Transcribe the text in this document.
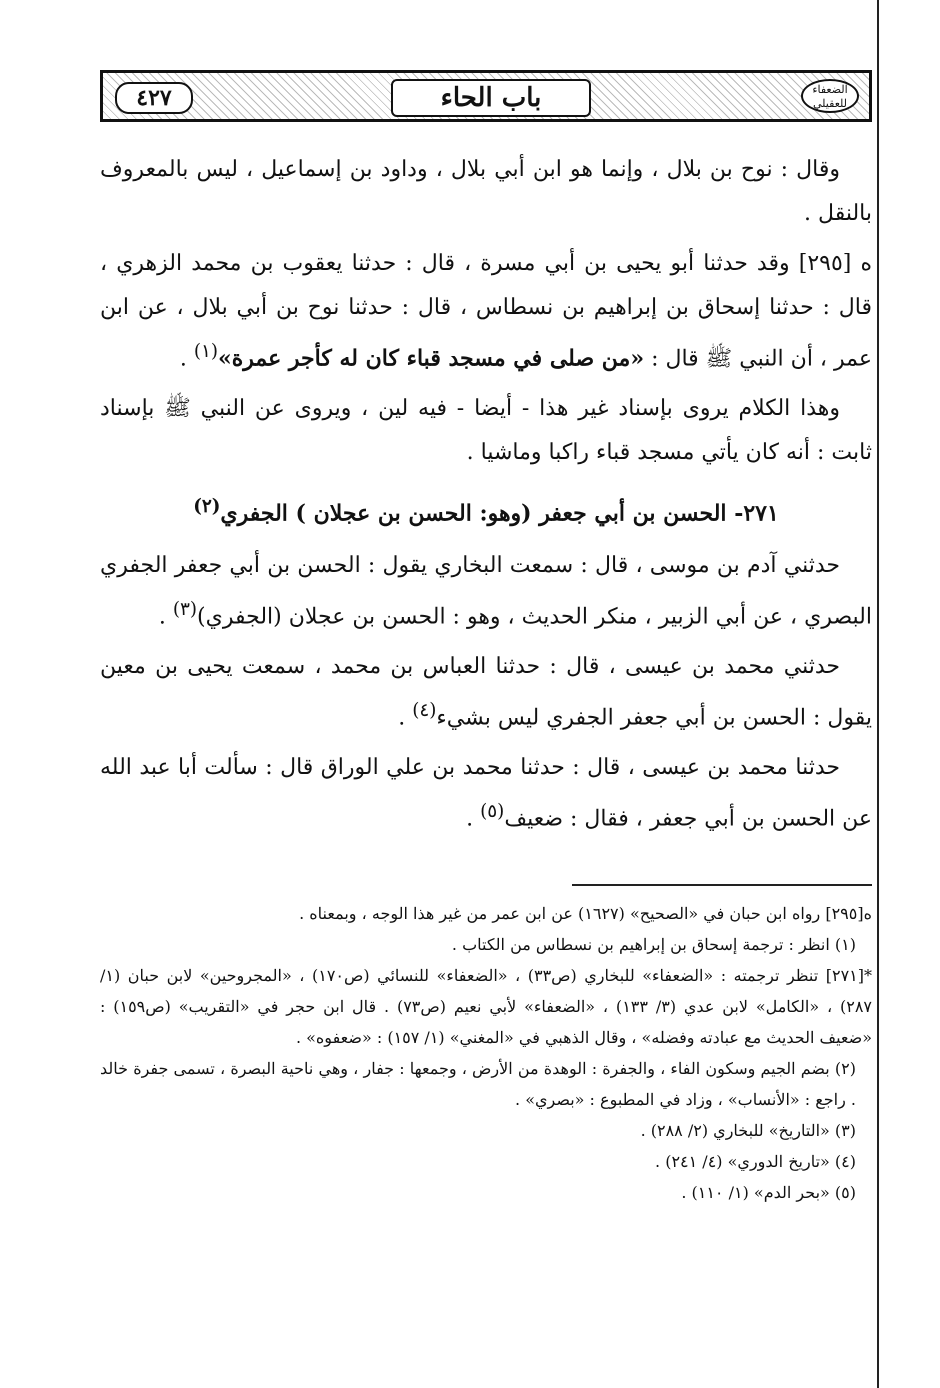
٤٢٧	باب الحاء	الضعفاء للعقيلي

وقال : نوح بن بلال ، وإنما هو ابن أبي بلال ، وداود بن إسماعيل ، ليس بالمعروف بالنقل .

ه [٢٩٥] وقد حدثنا أبو يحيى بن أبي مسرة ، قال : حدثنا يعقوب بن محمد الزهري ، قال : حدثنا إسحاق بن إبراهيم بن نسطاس ، قال : حدثنا نوح بن أبي بلال ، عن ابن عمر ، أن النبي ﷺ قال : «من صلى في مسجد قباء كان له كأجر عمرة»$^{(١)}$ .

وهذا الكلام يروى بإسناد غير هذا - أيضا - فيه لين ، ويروى عن النبي ﷺ بإسناد ثابت : أنه كان يأتي مسجد قباء راكبا وماشيا .

٢٧١- الحسن بن أبي جعفر (وهو: الحسن بن عجلان ) الجفري$^{(٢)}$

حدثني آدم بن موسى ، قال : سمعت البخاري يقول : الحسن بن أبي جعفر الجفري البصري ، عن أبي الزبير ، منكر الحديث ، وهو : الحسن بن عجلان (الجفري)$^{(٣)}$ .

حدثني محمد بن عيسى ، قال : حدثنا العباس بن محمد ، سمعت يحيى بن معين يقول : الحسن بن أبي جعفر الجفري ليس بشيء$^{(٤)}$ .

حدثنا محمد بن عيسى ، قال : حدثنا محمد بن علي الوراق قال : سألت أبا عبد الله عن الحسن بن أبي جعفر ، فقال : ضعيف$^{(٥)}$ .

ه[٢٩٥] رواه ابن حبان في «الصحيح» (١٦٢٧) عن ابن عمر من غير هذا الوجه ، وبمعناه .

(١) انظر : ترجمة إسحاق بن إبراهيم بن نسطاس من الكتاب .

*[٢٧١] تنظر ترجمته : «الضعفاء» للبخاري (ص٣٣) ، «الضعفاء» للنسائي (ص١٧٠) ، «المجروحين» لابن حبان (١/ ٢٨٧) ، «الكامل» لابن عدي (٣/ ١٣٣) ، «الضعفاء» لأبي نعيم (ص٧٣) . قال ابن حجر في «التقريب» (ص١٥٩) : «ضعيف الحديث مع عبادته وفضله» ، وقال الذهبي في «المغني» (١/ ١٥٧) : «ضعفوه» .

(٢) بضم الجيم وسكون الفاء ، والجفرة : الوهدة من الأرض ، وجمعها : جفار ، وهي ناحية البصرة ، تسمى جفرة خالد . راجع : «الأنساب» ، وزاد في المطبوع : «بصري» .

(٣) «التاريخ» للبخاري (٢/ ٢٨٨) .

(٤) «تاريخ الدوري» (٤/ ٢٤١) .

(٥) «بحر الدم» (١/ ١١٠) .
